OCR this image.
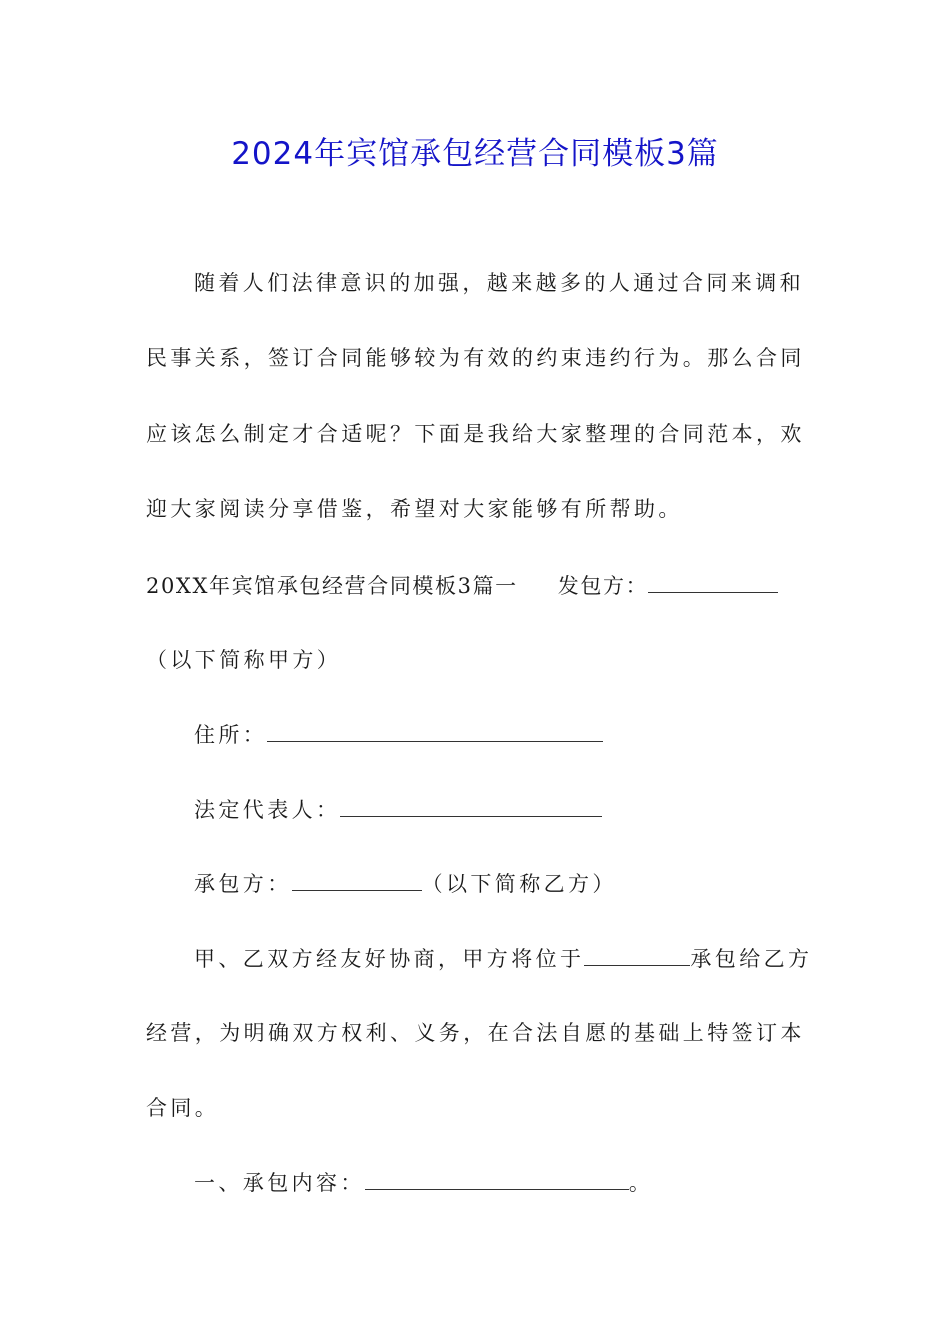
2024年宾馆承包经营合同模板3篇
随着人们法律意识的加强，越来越多的人通过合同来调和
民事关系，签订合同能够较为有效的约束违约行为。那么合同
应该怎么制定才合适呢？下面是我给大家整理的合同范本，欢
迎大家阅读分享借鉴，希望对大家能够有所帮助。
20XX年宾馆承包经营合同模板3篇一 发包方：
（以下简称甲方）
住所：
法定代表人：
承包方：	（以下简称乙方）
甲、乙双方经友好协商，甲方将位于	承包给乙方
经营，为明确双方权利、义务，在合法自愿的基础上特签订本
合同。
一、承包内容：	。
